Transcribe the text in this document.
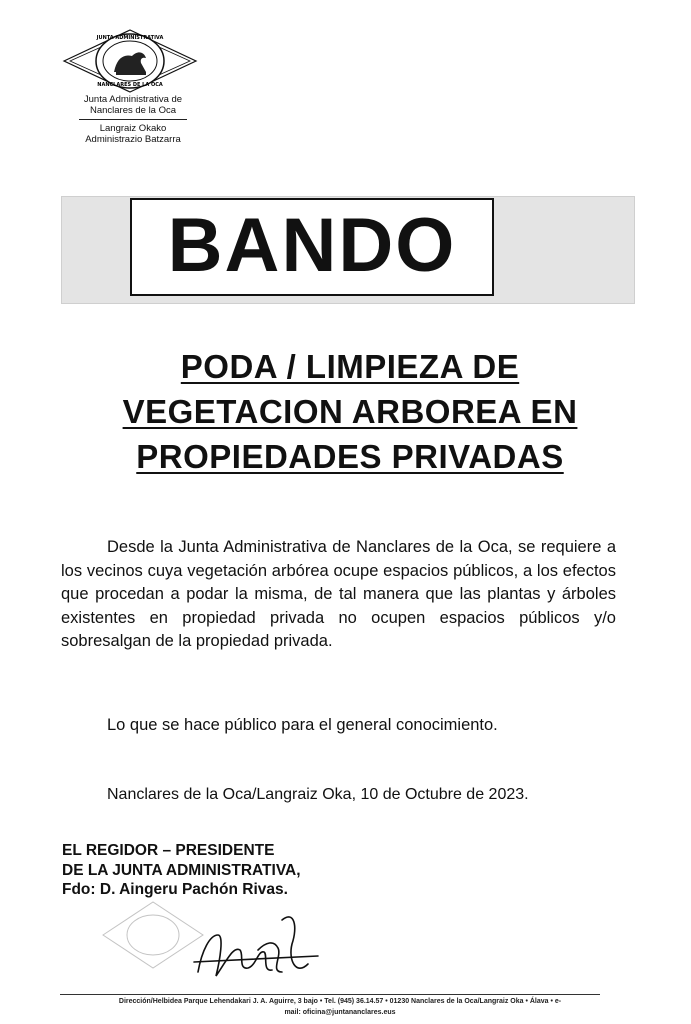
JUNTA ADMINISTRATIVA
NANCLARES DE LA OCA
Junta Administrativa de
Nanclares de la Oca
Langraiz Okako
Administrazio Batzarra
BANDO
PODA / LIMPIEZA DE
VEGETACION ARBOREA EN
PROPIEDADES PRIVADAS
Desde la Junta Administrativa de Nanclares de la Oca, se requiere a los vecinos cuya vegetación arbórea ocupe espacios públicos, a los efectos que procedan a podar la misma, de tal manera que las plantas y árboles existentes en propiedad privada no ocupen espacios públicos y/o sobresalgan de la propiedad privada.
Lo que se hace público para el general conocimiento.
Nanclares de la Oca/Langraiz Oka, 10 de Octubre de 2023.
EL REGIDOR – PRESIDENTE
DE LA JUNTA ADMINISTRATIVA,
Fdo: D. Aingeru Pachón Rivas.
Dirección/Helbidea Parque Lehendakari J. A. Aguirre, 3 bajo • Tel. (945) 36.14.57 • 01230 Nanclares de la Oca/Langraiz Oka • Álava • e-
mail: oficina@juntananclares.eus
